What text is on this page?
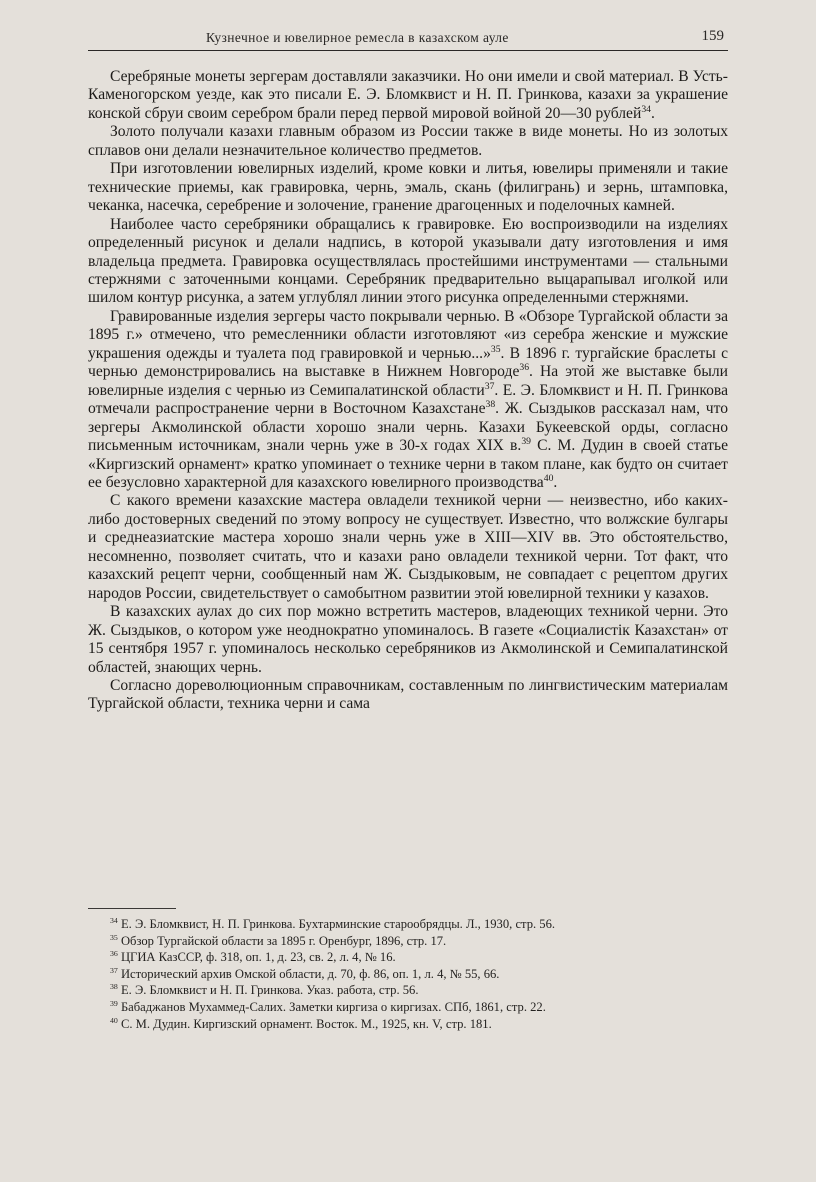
Кузнечное и ювелирное ремесла в казахском ауле	159

Серебряные монеты зергерам доставляли заказчики. Но они имели и свой материал. В Усть-Каменогорском уезде, как это писали Е. Э. Бломквист и Н. П. Гринкова, казахи за украшение конской сбруи своим серебром брали перед первой мировой войной 20—30 рублей$^{34}$.

Золото получали казахи главным образом из России также в виде монеты. Но из золотых сплавов они делали незначительное количество предметов.

При изготовлении ювелирных изделий, кроме ковки и литья, ювелиры применяли и такие технические приемы, как гравировка, чернь, эмаль, скань (филигрань) и зернь, штамповка, чеканка, насечка, серебрение и золочение, гранение драгоценных и поделочных камней.

Наиболее часто серебряники обращались к гравировке. Ею воспроизводили на изделиях определенный рисунок и делали надпись, в которой указывали дату изготовления и имя владельца предмета. Гравировка осуществлялась простейшими инструментами — стальными стержнями с заточенными концами. Серебряник предварительно выцарапывал иголкой или шилом контур рисунка, а затем углублял линии этого рисунка определенными стержнями.

Гравированные изделия зергеры часто покрывали чернью. В «Обзоре Тургайской области за 1895 г.» отмечено, что ремесленники области изготовляют «из серебра женские и мужские украшения одежды и туалета под гравировкой и чернью...»$^{35}$. В 1896 г. тургайские браслеты с чернью демонстрировались на выставке в Нижнем Новгороде$^{36}$. На этой же выставке были ювелирные изделия с чернью из Семипалатинской области$^{37}$. Е. Э. Бломквист и Н. П. Гринкова отмечали распространение черни в Восточном Казахстане$^{38}$. Ж. Сыздыков рассказал нам, что зергеры Акмолинской области хорошо знали чернь. Казахи Букеевской орды, согласно письменным источникам, знали чернь уже в 30-х годах XIX в.$^{39}$ С. М. Дудин в своей статье «Киргизский орнамент» кратко упоминает о технике черни в таком плане, как будто он считает ее безусловно характерной для казахского ювелирного производства$^{40}$.

С какого времени казахские мастера овладели техникой черни — неизвестно, ибо каких-либо достоверных сведений по этому вопросу не существует. Известно, что волжские булгары и среднеазиатские мастера хорошо знали чернь уже в XIII—XIV вв. Это обстоятельство, несомненно, позволяет считать, что и казахи рано овладели техникой черни. Тот факт, что казахский рецепт черни, сообщенный нам Ж. Сыздыковым, не совпадает с рецептом других народов России, свидетельствует о самобытном развитии этой ювелирной техники у казахов.

В казахских аулах до сих пор можно встретить мастеров, владеющих техникой черни. Это Ж. Сыздыков, о котором уже неоднократно упоминалось. В газете «Социалистік Казахстан» от 15 сентября 1957 г. упоминалось несколько серебряников из Акмолинской и Семипалатинской областей, знающих чернь.

Согласно дореволюционным справочникам, составленным по лингвистическим материалам Тургайской области, техника черни и сама

$^{34}$ Е. Э. Бломквист, Н. П. Гринкова. Бухтарминские старообрядцы. Л., 1930, стр. 56.
$^{35}$ Обзор Тургайской области за 1895 г. Оренбург, 1896, стр. 17.
$^{36}$ ЦГИА КазССР, ф. 318, оп. 1, д. 23, св. 2, л. 4, № 16.
$^{37}$ Исторический архив Омской области, д. 70, ф. 86, оп. 1, л. 4, № 55, 66.
$^{38}$ Е. Э. Бломквист и Н. П. Гринкова. Указ. работа, стр. 56.
$^{39}$ Бабаджанов Мухаммед-Салих. Заметки киргиза о киргизах. СПб, 1861, стр. 22.
$^{40}$ С. М. Дудин. Киргизский орнамент. Восток. М., 1925, кн. V, стр. 181.
